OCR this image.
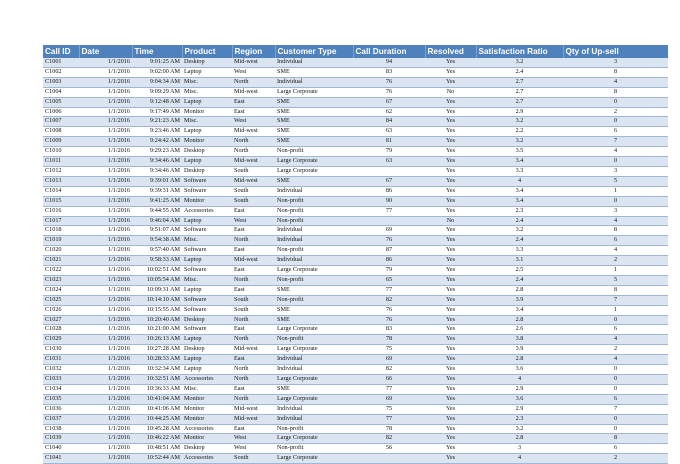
Call ID	Date	Time	Product	Region	Customer Type	Call Duration	Resolved	Satisfaction Ratio	Qty of Up-sell
C1001	1/1/2016	9:01:25 AM	Desktop	Mid-west	Individual	94	Yes	3.2	3
C1002	1/1/2016	9:02:00 AM	Laptop	West	SME	83	Yes	2.4	8
C1003	1/1/2016	9:04:34 AM	Misc.	North	Individual	76	Yes	2.7	4
C1004	1/1/2016	9:09:29 AM	Misc.	Mid-west	Large Corporate	76	No	2.7	8
C1005	1/1/2016	9:12:48 AM	Laptop	East	SME	67	Yes	2.7	0
C1006	1/1/2016	9:17:49 AM	Monitor	East	SME	62	Yes	2.9	2
C1007	1/1/2016	9:21:23 AM	Misc.	West	SME	84	Yes	3.2	0
C1008	1/1/2016	9:23:46 AM	Laptop	Mid-west	SME	63	Yes	2.2	6
C1009	1/1/2016	9:24:42 AM	Monitor	North	SME	81	Yes	3.2	7
C1010	1/1/2016	9:29:23 AM	Desktop	North	Non-profit	79	Yes	3.5	4
C1011	1/1/2016	9:34:46 AM	Laptop	Mid-west	Large Corporate	63	Yes	3.4	0
C1012	1/1/2016	9:34:46 AM	Desktop	South	Large Corporate		Yes	3.3	3
C1013	1/1/2016	9:39:01 AM	Software	Mid-west	SME	67	Yes	4	5
C1014	1/1/2016	9:39:31 AM	Software	South	Individual	86	Yes	3.4	1
C1015	1/1/2016	9:41:25 AM	Monitor	South	Non-profit	90	Yes	3.4	0
C1016	1/1/2016	9:44:55 AM	Accessories	East	Non-profit	77	Yes	2.3	3
C1017	1/1/2016	9:46:04 AM	Laptop	West	Non-profit		No	2.4	4
C1018	1/1/2016	9:51:07 AM	Software	East	Individual	69	Yes	3.2	8
C1019	1/1/2016	9:54:38 AM	Misc.	North	Individual	76	Yes	2.4	6
C1020	1/1/2016	9:57:40 AM	Software	East	Non-profit	87	Yes	3.3	4
C1021	1/1/2016	9:58:33 AM	Laptop	Mid-west	Individual	86	Yes	3.1	2
C1022	1/1/2016	10:02:51 AM	Software	East	Large Corporate	79	Yes	2.5	1
C1023	1/1/2016	10:05:54 AM	Misc.	North	Non-profit	65	Yes	2.4	5
C1024	1/1/2016	10:09:31 AM	Laptop	East	SME	77	Yes	2.8	8
C1025	1/1/2016	10:14:10 AM	Software	South	Non-profit	82	Yes	3.9	7
C1026	1/1/2016	10:15:55 AM	Software	South	SME	76	Yes	3.4	1
C1027	1/1/2016	10:20:40 AM	Desktop	North	SME	76	Yes	2.8	0
C1028	1/1/2016	10:21:00 AM	Software	East	Large Corporate	83	Yes	2.6	6
C1029	1/1/2016	10:26:13 AM	Laptop	North	Non-profit	78	Yes	3.8	4
C1030	1/1/2016	10:27:28 AM	Desktop	Mid-west	Large Corporate	75	Yes	3.9	2
C1031	1/1/2016	10:28:33 AM	Laptop	East	Individual	69	Yes	2.8	4
C1032	1/1/2016	10:32:34 AM	Laptop	North	Individual	82	Yes	3.6	0
C1033	1/1/2016	10:32:51 AM	Accessories	North	Large Corporate	66	Yes	4	0
C1034	1/1/2016	10:36:33 AM	Misc.	East	SME	77	Yes	2.9	0
C1035	1/1/2016	10:41:04 AM	Monitor	North	Large Corporate	69	Yes	3.6	6
C1036	1/1/2016	10:41:06 AM	Monitor	Mid-west	Individual	75	Yes	2.9	7
C1037	1/1/2016	10:44:25 AM	Monitor	Mid-west	Individual	77	Yes	2.3	0
C1038	1/1/2016	10:45:28 AM	Accessories	East	Non-profit	78	Yes	3.2	0
C1039	1/1/2016	10:46:22 AM	Monitor	West	Large Corporate	82	Yes	2.8	8
C1040	1/1/2016	10:48:51 AM	Desktop	West	Non-profit	56	Yes	3	6
C1041	1/1/2016	10:52:44 AM	Accessories	South	Large Corporate		Yes	4	2
